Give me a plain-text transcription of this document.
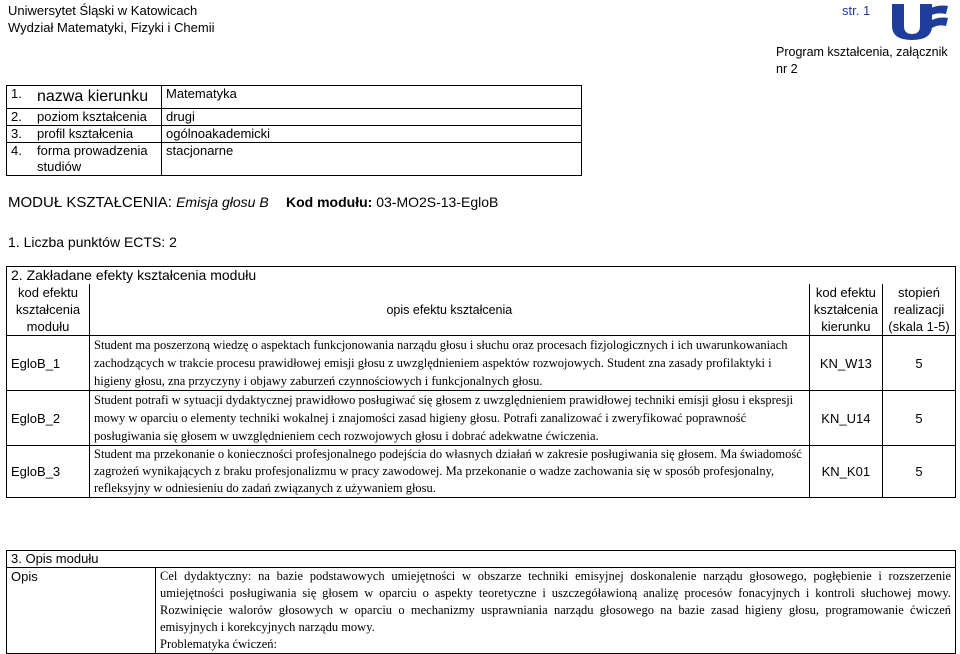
Uniwersytet Śląski w Katowicach
Wydział Matematyki, Fizyki i Chemii
str. 1
Program kształcenia, załącznik nr 2
1.	nazwa kierunku	Matematyka
2.	poziom kształcenia	drugi
3.	profil kształcenia	ogólnoakademicki
4.	forma prowadzenia studiów	stacjonarne
MODUŁ KSZTAŁCENIA: Emisja głosu B Kod modułu: 03-MO2S-13-EgloB
1. Liczba punktów ECTS: 2
2. Zakładane efekty kształcenia modułu			
kod efektu kształcenia modułu	opis efektu kształcenia	kod efektu kształcenia kierunku	stopień realizacji (skala 1-5)
EgloB_1	Student ma poszerzoną wiedzę o aspektach funkcjonowania narządu głosu i słuchu oraz procesach fizjologicznych i ich uwarunkowaniach zachodzących w trakcie procesu prawidłowej emisji głosu z uwzględnieniem aspektów rozwojowych. Student zna zasady profilaktyki i higieny głosu, zna przyczyny i objawy zaburzeń czynnościowych i funkcjonalnych głosu.	KN_W13	5
EgloB_2	Student potrafi w sytuacji dydaktycznej prawidłowo posługiwać się głosem z uwzględnieniem prawidłowej techniki emisji głosu i ekspresji mowy w oparciu o elementy techniki wokalnej i znajomości zasad higieny głosu. Potrafi zanalizować i zweryfikować poprawność posługiwania się głosem w uwzględnieniem cech rozwojowych głosu i dobrać adekwatne ćwiczenia.	KN_U14	5
EgloB_3	Student ma przekonanie o konieczności profesjonalnego podejścia do własnych działań w zakresie posługiwania się głosem. Ma świadomość zagrożeń wynikających z braku profesjonalizmu w pracy zawodowej. Ma przekonanie o wadze zachowania się w sposób profesjonalny, refleksyjny w odniesieniu do zadań związanych z używaniem głosu.	KN_K01	5
3. Opis modułu
Opis	Cel dydaktyczny: na bazie podstawowych umiejętności w obszarze techniki emisyjnej doskonalenie narządu głosowego, pogłębienie i rozszerzenie umiejętności posługiwania się głosem w oparciu o aspekty teoretyczne i uszczegóławioną analizę procesów fonacyjnych i kontroli słuchowej mowy. Rozwinięcie walorów głosowych w oparciu o mechanizmy usprawniania narządu głosowego na bazie zasad higieny głosu, programowanie ćwiczeń emisyjnych i korekcyjnych narządu mowy.
Problematyka ćwiczeń:
